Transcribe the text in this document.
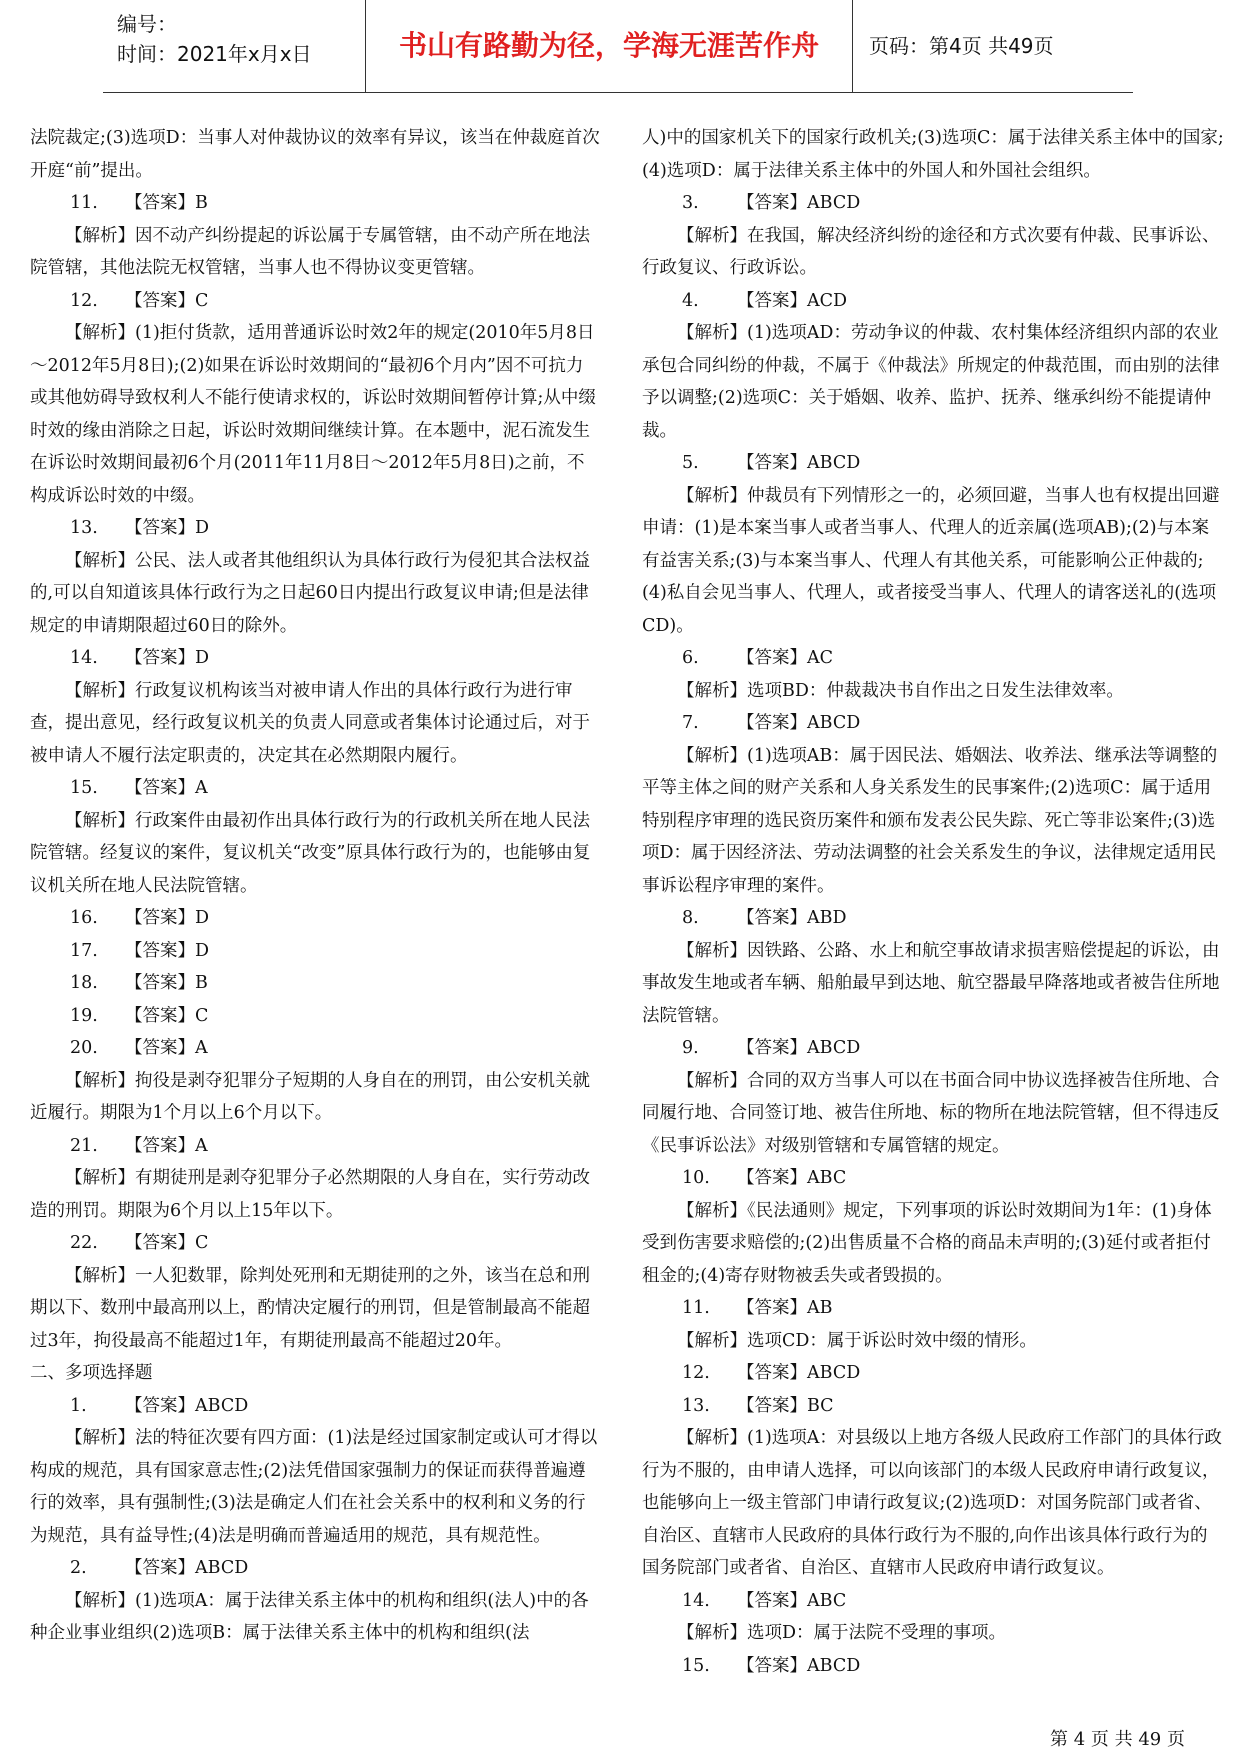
编号：
时间：2021年x月x日	书山有路勤为径，学海无涯苦作舟	页码：第4页 共49页

法院裁定;(3)选项D：当事人对仲裁协议的效率有异议，该当在仲裁庭首次开庭“前”提出。

11. 【答案】B

【解析】因不动产纠纷提起的诉讼属于专属管辖，由不动产所在地法院管辖，其他法院无权管辖，当事人也不得协议变更管辖。

12. 【答案】C

【解析】(1)拒付货款，适用普通诉讼时效2年的规定(2010年5月8日～2012年5月8日);(2)如果在诉讼时效期间的“最初6个月内”因不可抗力或其他妨碍导致权利人不能行使请求权的，诉讼时效期间暂停计算;从中缀时效的缘由消除之日起，诉讼时效期间继续计算。在本题中，泥石流发生在诉讼时效期间最初6个月(2011年11月8日～2012年5月8日)之前，不构成诉讼时效的中缀。

13. 【答案】D

【解析】公民、法人或者其他组织认为具体行政行为侵犯其合法权益的,可以自知道该具体行政行为之日起60日内提出行政复议申请;但是法律规定的申请期限超过60日的除外。

14. 【答案】D

【解析】行政复议机构该当对被申请人作出的具体行政行为进行审查，提出意见，经行政复议机关的负责人同意或者集体讨论通过后，对于被申请人不履行法定职责的，决定其在必然期限内履行。

15. 【答案】A

【解析】行政案件由最初作出具体行政行为的行政机关所在地人民法院管辖。经复议的案件，复议机关“改变”原具体行政行为的，也能够由复议机关所在地人民法院管辖。

16. 【答案】D

17. 【答案】D

18. 【答案】B

19. 【答案】C

20. 【答案】A

【解析】拘役是剥夺犯罪分子短期的人身自在的刑罚，由公安机关就近履行。期限为1个月以上6个月以下。

21. 【答案】A

【解析】有期徒刑是剥夺犯罪分子必然期限的人身自在，实行劳动改造的刑罚。期限为6个月以上15年以下。

22. 【答案】C

【解析】一人犯数罪，除判处死刑和无期徒刑的之外，该当在总和刑期以下、数刑中最高刑以上，酌情决定履行的刑罚，但是管制最高不能超过3年，拘役最高不能超过1年，有期徒刑最高不能超过20年。

二、多项选择题

1. 【答案】ABCD

【解析】法的特征次要有四方面：(1)法是经过国家制定或认可才得以构成的规范，具有国家意志性;(2)法凭借国家强制力的保证而获得普遍遵行的效率，具有强制性;(3)法是确定人们在社会关系中的权利和义务的行为规范，具有益导性;(4)法是明确而普遍适用的规范，具有规范性。

2. 【答案】ABCD

【解析】(1)选项A：属于法律关系主体中的机构和组织(法人)中的各种企业事业组织(2)选项B：属于法律关系主体中的机构和组织(法

人)中的国家机关下的国家行政机关;(3)选项C：属于法律关系主体中的国家;(4)选项D：属于法律关系主体中的外国人和外国社会组织。

3. 【答案】ABCD

【解析】在我国，解决经济纠纷的途径和方式次要有仲裁、民事诉讼、行政复议、行政诉讼。

4. 【答案】ACD

【解析】(1)选项AD：劳动争议的仲裁、农村集体经济组织内部的农业承包合同纠纷的仲裁，不属于《仲裁法》所规定的仲裁范围，而由别的法律予以调整;(2)选项C：关于婚姻、收养、监护、抚养、继承纠纷不能提请仲裁。

5. 【答案】ABCD

【解析】仲裁员有下列情形之一的，必须回避，当事人也有权提出回避申请：(1)是本案当事人或者当事人、代理人的近亲属(选项AB);(2)与本案有益害关系;(3)与本案当事人、代理人有其他关系，可能影响公正仲裁的;(4)私自会见当事人、代理人，或者接受当事人、代理人的请客送礼的(选项CD)。

6. 【答案】AC

【解析】选项BD：仲裁裁决书自作出之日发生法律效率。

7. 【答案】ABCD

【解析】(1)选项AB：属于因民法、婚姻法、收养法、继承法等调整的平等主体之间的财产关系和人身关系发生的民事案件;(2)选项C：属于适用特别程序审理的选民资历案件和颁布发表公民失踪、死亡等非讼案件;(3)选项D：属于因经济法、劳动法调整的社会关系发生的争议，法律规定适用民事诉讼程序审理的案件。

8. 【答案】ABD

【解析】因铁路、公路、水上和航空事故请求损害赔偿提起的诉讼，由事故发生地或者车辆、船舶最早到达地、航空器最早降落地或者被告住所地法院管辖。

9. 【答案】ABCD

【解析】合同的双方当事人可以在书面合同中协议选择被告住所地、合同履行地、合同签订地、被告住所地、标的物所在地法院管辖，但不得违反《民事诉讼法》对级别管辖和专属管辖的规定。

10. 【答案】ABC

【解析】《民法通则》规定，下列事项的诉讼时效期间为1年：(1)身体受到伤害要求赔偿的;(2)出售质量不合格的商品未声明的;(3)延付或者拒付租金的;(4)寄存财物被丢失或者毁损的。

11. 【答案】AB

【解析】选项CD：属于诉讼时效中缀的情形。

12. 【答案】ABCD

13. 【答案】BC

【解析】(1)选项A：对县级以上地方各级人民政府工作部门的具体行政行为不服的，由申请人选择，可以向该部门的本级人民政府申请行政复议，也能够向上一级主管部门申请行政复议;(2)选项D：对国务院部门或者省、自治区、直辖市人民政府的具体行政行为不服的,向作出该具体行政行为的国务院部门或者省、自治区、直辖市人民政府申请行政复议。

14. 【答案】ABC

【解析】选项D：属于法院不受理的事项。

15. 【答案】ABCD

第 4 页 共 49 页
